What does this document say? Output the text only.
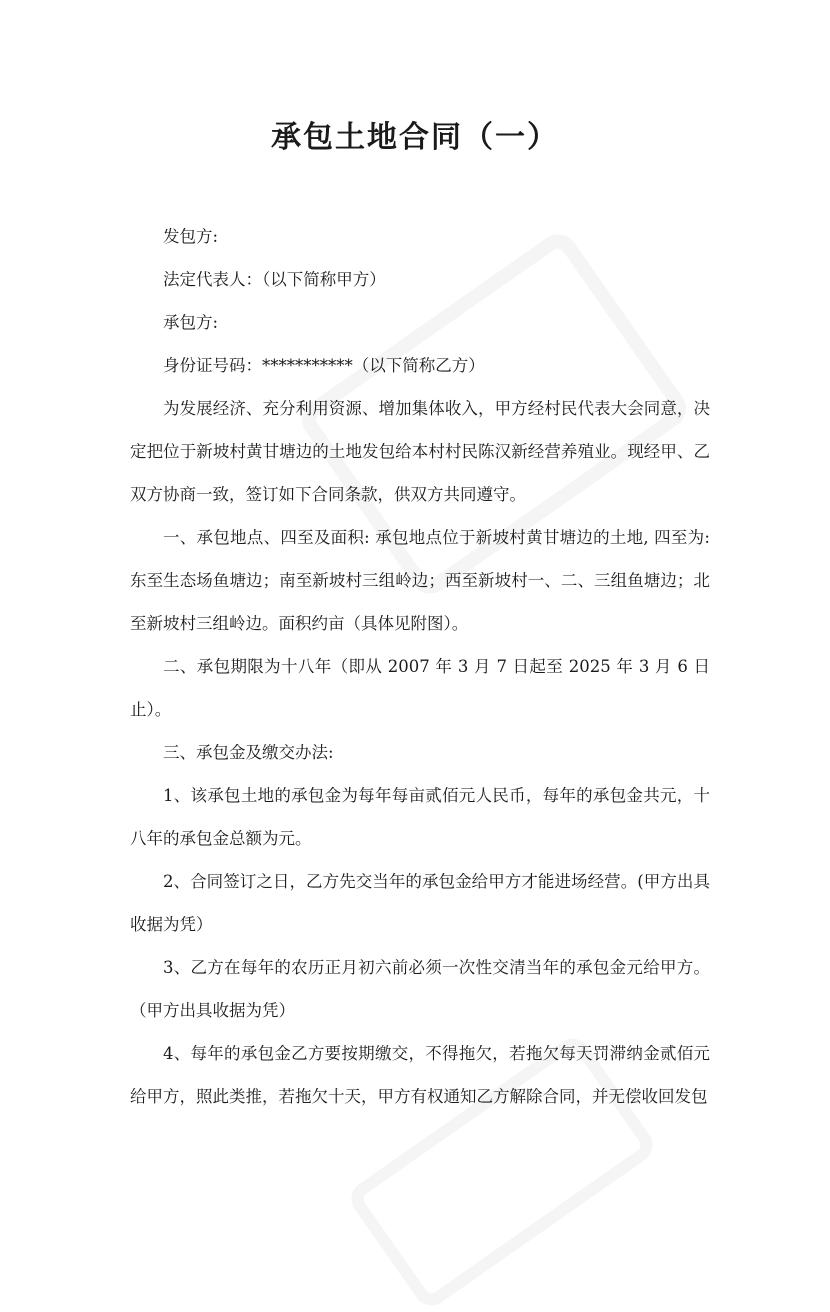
承包土地合同（一）

发包方:

法定代表人：（以下简称甲方）

承包方:

身份证号码：***********（以下简称乙方）

为发展经济、充分利用资源、增加集体收入，甲方经村民代表大会同意，决定把位于新坡村黄甘塘边的土地发包给本村村民陈汉新经营养殖业。现经甲、乙双方协商一致，签订如下合同条款，供双方共同遵守。

一、承包地点、四至及面积: 承包地点位于新坡村黄甘塘边的土地, 四至为: 东至生态场鱼塘边；南至新坡村三组岭边；西至新坡村一、二、三组鱼塘边；北至新坡村三组岭边。面积约亩（具体见附图）。

二、承包期限为十八年（即从 2007 年 3 月 7 日起至 2025 年 3 月 6 日止）。

三、承包金及缴交办法:

1、该承包土地的承包金为每年每亩贰佰元人民币，每年的承包金共元，十八年的承包金总额为元。

2、合同签订之日，乙方先交当年的承包金给甲方才能进场经营。(甲方出具收据为凭）

3、乙方在每年的农历正月初六前必须一次性交清当年的承包金元给甲方。（甲方出具收据为凭）

4、每年的承包金乙方要按期缴交，不得拖欠，若拖欠每天罚滞纳金贰佰元给甲方，照此类推，若拖欠十天，甲方有权通知乙方解除合同，并无偿收回发包
